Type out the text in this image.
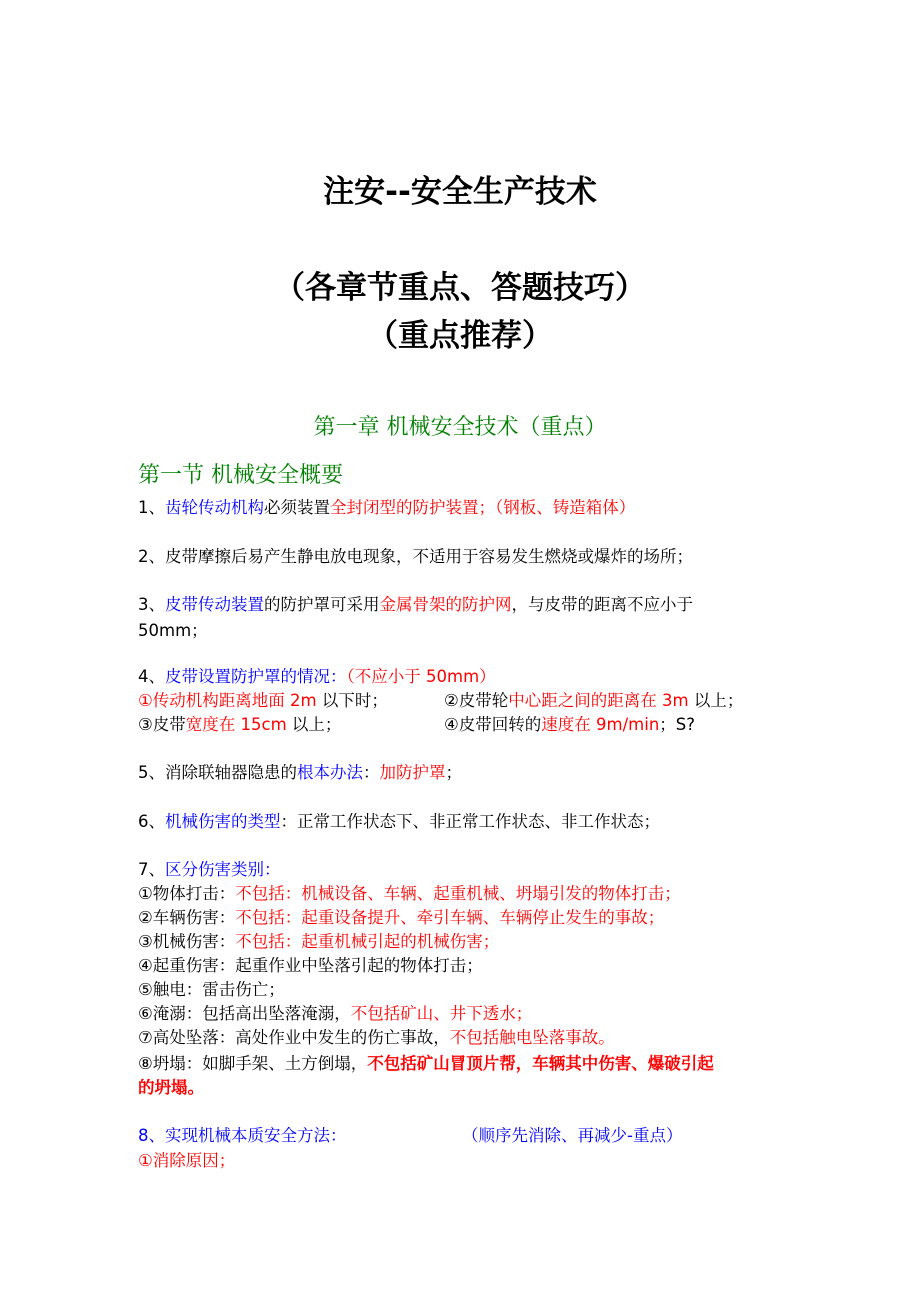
注安--安全生产技术
（各章节重点、答题技巧）
（重点推荐）
第一章 机械安全技术（重点）
第一节 机械安全概要
1、齿轮传动机构必须装置全封闭型的防护装置；（钢板、铸造箱体）
2、皮带摩擦后易产生静电放电现象，不适用于容易发生燃烧或爆炸的场所；
3、皮带传动装置的防护罩可采用金属骨架的防护网，与皮带的距离不应小于
50mm；
4、皮带设置防护罩的情况：（不应小于 50mm）
①传动机构距离地面 2m 以下时；	②皮带轮中心距之间的距离在 3m 以上；
③皮带宽度在 15cm 以上；	④皮带回转的速度在 9m/min；S?
5、消除联轴器隐患的根本办法：加防护罩；
6、机械伤害的类型：正常工作状态下、非正常工作状态、非工作状态；
7、区分伤害类别：
①物体打击：不包括：机械设备、车辆、起重机械、坍塌引发的物体打击；
②车辆伤害：不包括：起重设备提升、牵引车辆、车辆停止发生的事故；
③机械伤害：不包括：起重机械引起的机械伤害；
④起重伤害：起重作业中坠落引起的物体打击；
⑤触电：雷击伤亡；
⑥淹溺：包括高出坠落淹溺，不包括矿山、井下透水；
⑦高处坠落：高处作业中发生的伤亡事故，不包括触电坠落事故。
⑧坍塌：如脚手架、土方倒塌，不包括矿山冒顶片帮，车辆其中伤害、爆破引起
的坍塌。
8、实现机械本质安全方法：	（顺序先消除、再减少-重点）
①消除原因；
